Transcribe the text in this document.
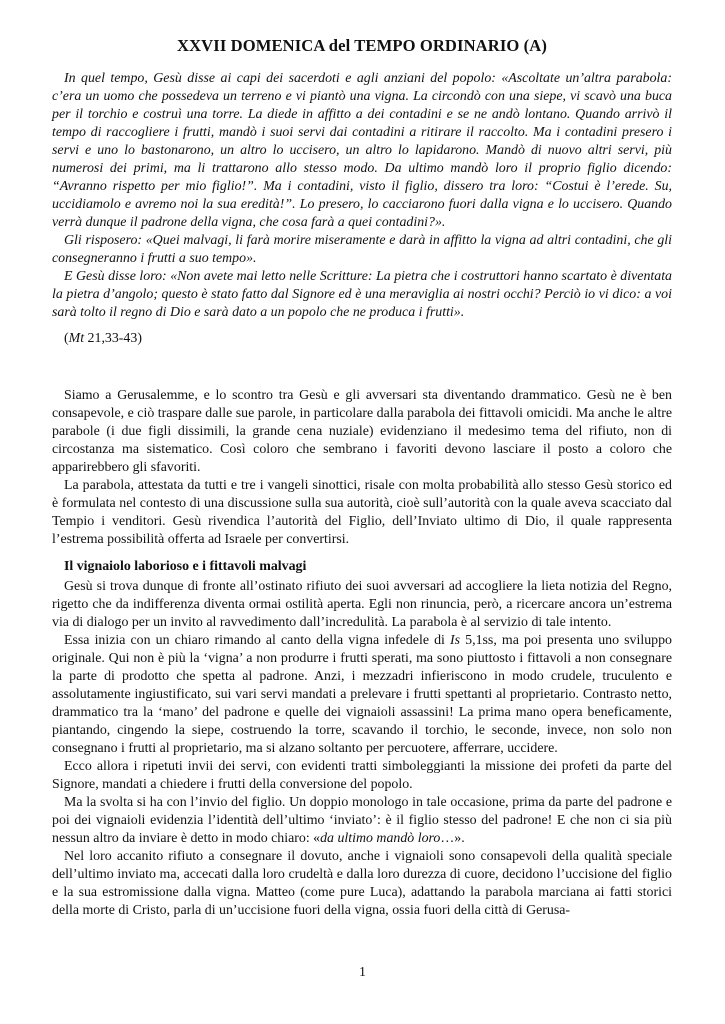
XXVII DOMENICA del TEMPO ORDINARIO (A)

In quel tempo, Gesù disse ai capi dei sacerdoti e agli anziani del popolo: «Ascoltate un’altra parabola: c’era un uomo che possedeva un terreno e vi piantò una vigna. La circondò con una siepe, vi scavò una buca per il torchio e costruì una torre. La diede in affitto a dei contadini e se ne andò lontano. Quando arrivò il tempo di raccogliere i frutti, mandò i suoi servi dai contadini a ritirare il raccolto. Ma i contadini presero i servi e uno lo bastonarono, un altro lo uccisero, un altro lo lapidarono. Mandò di nuovo altri servi, più numerosi dei primi, ma li trattarono allo stesso modo. Da ultimo mandò loro il proprio figlio dicendo: “Avranno rispetto per mio figlio!”. Ma i contadini, visto il figlio, dissero tra loro: “Costui è l’erede. Su, uccidiamolo e avremo noi la sua eredità!”. Lo presero, lo cacciarono fuori dalla vigna e lo uccisero. Quando verrà dunque il padrone della vigna, che cosa farà a quei contadini?».

Gli risposero: «Quei malvagi, li farà morire miseramente e darà in affitto la vigna ad altri contadini, che gli consegneranno i frutti a suo tempo».

E Gesù disse loro: «Non avete mai letto nelle Scritture: La pietra che i costruttori hanno scartato è diventata la pietra d’angolo; questo è stato fatto dal Signore ed è una meraviglia ai nostri occhi? Perciò io vi dico: a voi sarà tolto il regno di Dio e sarà dato a un popolo che ne produca i frutti».

(Mt 21,33-43)

Siamo a Gerusalemme, e lo scontro tra Gesù e gli avversari sta diventando drammatico. Gesù ne è ben consapevole, e ciò traspare dalle sue parole, in particolare dalla parabola dei fittavoli omicidi. Ma anche le altre parabole (i due figli dissimili, la grande cena nuziale) evidenziano il medesimo tema del rifiuto, non di circostanza ma sistematico. Così coloro che sembrano i favoriti devono lasciare il posto a coloro che apparirebbero gli sfavoriti.

La parabola, attestata da tutti e tre i vangeli sinottici, risale con molta probabilità allo stesso Gesù storico ed è formulata nel contesto di una discussione sulla sua autorità, cioè sull’autorità con la quale aveva scacciato dal Tempio i venditori. Gesù rivendica l’autorità del Figlio, dell’Inviato ultimo di Dio, il quale rappresenta l’estrema possibilità offerta ad Israele per convertirsi.

Il vignaiolo laborioso e i fittavoli malvagi

Gesù si trova dunque di fronte all’ostinato rifiuto dei suoi avversari ad accogliere la lieta notizia del Regno, rigetto che da indifferenza diventa ormai ostilità aperta. Egli non rinuncia, però, a ricercare ancora un’estrema via di dialogo per un invito al ravvedimento dall’incredulità. La parabola è al servizio di tale intento.

Essa inizia con un chiaro rimando al canto della vigna infedele di Is 5,1ss, ma poi presenta uno sviluppo originale. Qui non è più la ‘vigna’ a non produrre i frutti sperati, ma sono piuttosto i fittavoli a non consegnare la parte di prodotto che spetta al padrone. Anzi, i mezzadri infieriscono in modo crudele, truculento e assolutamente ingiustificato, sui vari servi mandati a prelevare i frutti spettanti al proprietario. Contrasto netto, drammatico tra la ‘mano’ del padrone e quelle dei vignaioli assassini! La prima mano opera beneficamente, piantando, cingendo la siepe, costruendo la torre, scavando il torchio, le seconde, invece, non solo non consegnano i frutti al proprietario, ma si alzano soltanto per percuotere, afferrare, uccidere.

Ecco allora i ripetuti invii dei servi, con evidenti tratti simboleggianti la missione dei profeti da parte del Signore, mandati a chiedere i frutti della conversione del popolo.

Ma la svolta si ha con l’invio del figlio. Un doppio monologo in tale occasione, prima da parte del padrone e poi dei vignaioli evidenzia l’identità dell’ultimo ‘inviato’: è il figlio stesso del padrone! E che non ci sia più nessun altro da inviare è detto in modo chiaro: «da ultimo mandò loro…».

Nel loro accanito rifiuto a consegnare il dovuto, anche i vignaioli sono consapevoli della qualità speciale dell’ultimo inviato ma, accecati dalla loro crudeltà e dalla loro durezza di cuore, decidono l’uccisione del figlio e la sua estromissione dalla vigna. Matteo (come pure Luca), adattando la parabola marciana ai fatti storici della morte di Cristo, parla di un’uccisione fuori della vigna, ossia fuori della città di Gerusa-

1
